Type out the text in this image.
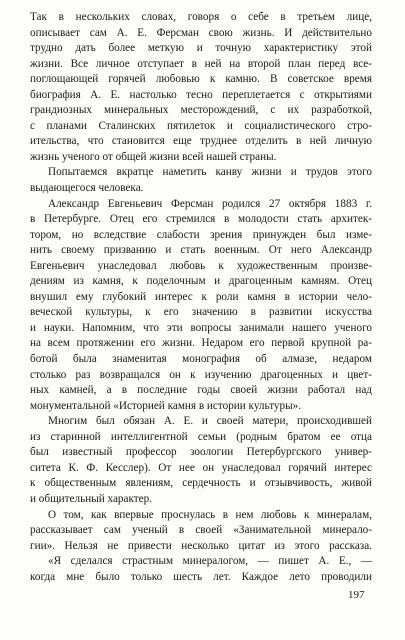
Так в нескольких словах, говоря о себе в третьем лице,
описывает сам А. Е. Ферсман свою жизнь. И действительно
трудно дать более меткую и точную характеристику этой
жизни. Все личное отступает в ней на второй план перед все-
поглощающей горячей любовью к камню. В советское время
биография А. Е. настолько тесно переплетается с открытиями
грандиозных минеральных месторождений, с их разработкой,
с планами Сталинских пятилеток и социалистического стро-
ительства, что становится еще труднее отделить в ней личную
жизнь ученого от общей жизни всей нашей страны.
Попытаемся вкратце наметить канву жизни и трудов этого
выдающегося человека.
Александр Евгеньевич Ферсман родился 27 октября 1883 г.
в Петербурге. Отец его стремился в молодости стать архитек-
тором, но вследствие слабости зрения принужден был изме-
нить своему призванию и стать военным. От него Александр
Евгеньевич унаследовал любовь к художественным произве-
дениям из камня, к поделочным и драгоценным камням. Отец
внушил ему глубокий интерес к роли камня в истории чело-
веческой культуры, к его значению в развитии искусства
и науки. Напомним, что эти вопросы занимали нашего ученого
на всем протяжении его жизни. Недаром его первой крупной ра-
ботой была знаменитая монография об алмазе, недаром
столько раз возвращался он к изучению драгоценных и цвет-
ных камней, а в последние годы своей жизни работал над
монументальной «Историей камня в истории культуры».
Многим был обязан А. Е. и своей матери, происходившей
из старинной интеллигентной семьи (родным братом ее отца
был известный профессор зоологии Петербургского универ-
ситета К. Ф. Кесслер). От нее он унаследовал горячий интерес
к общественным явлениям, сердечность и отзывчивость, живой
и общительный характер.
О том, как впервые проснулась в нем любовь к минералам,
рассказывает сам ученый в своей «Занимательной минерало-
гии». Нельзя не привести несколько цитат из этого рассказа.
«Я сделался страстным минералогом, — пишет А. Е., —
когда мне было только шесть лет. Каждое лето проводили
197
